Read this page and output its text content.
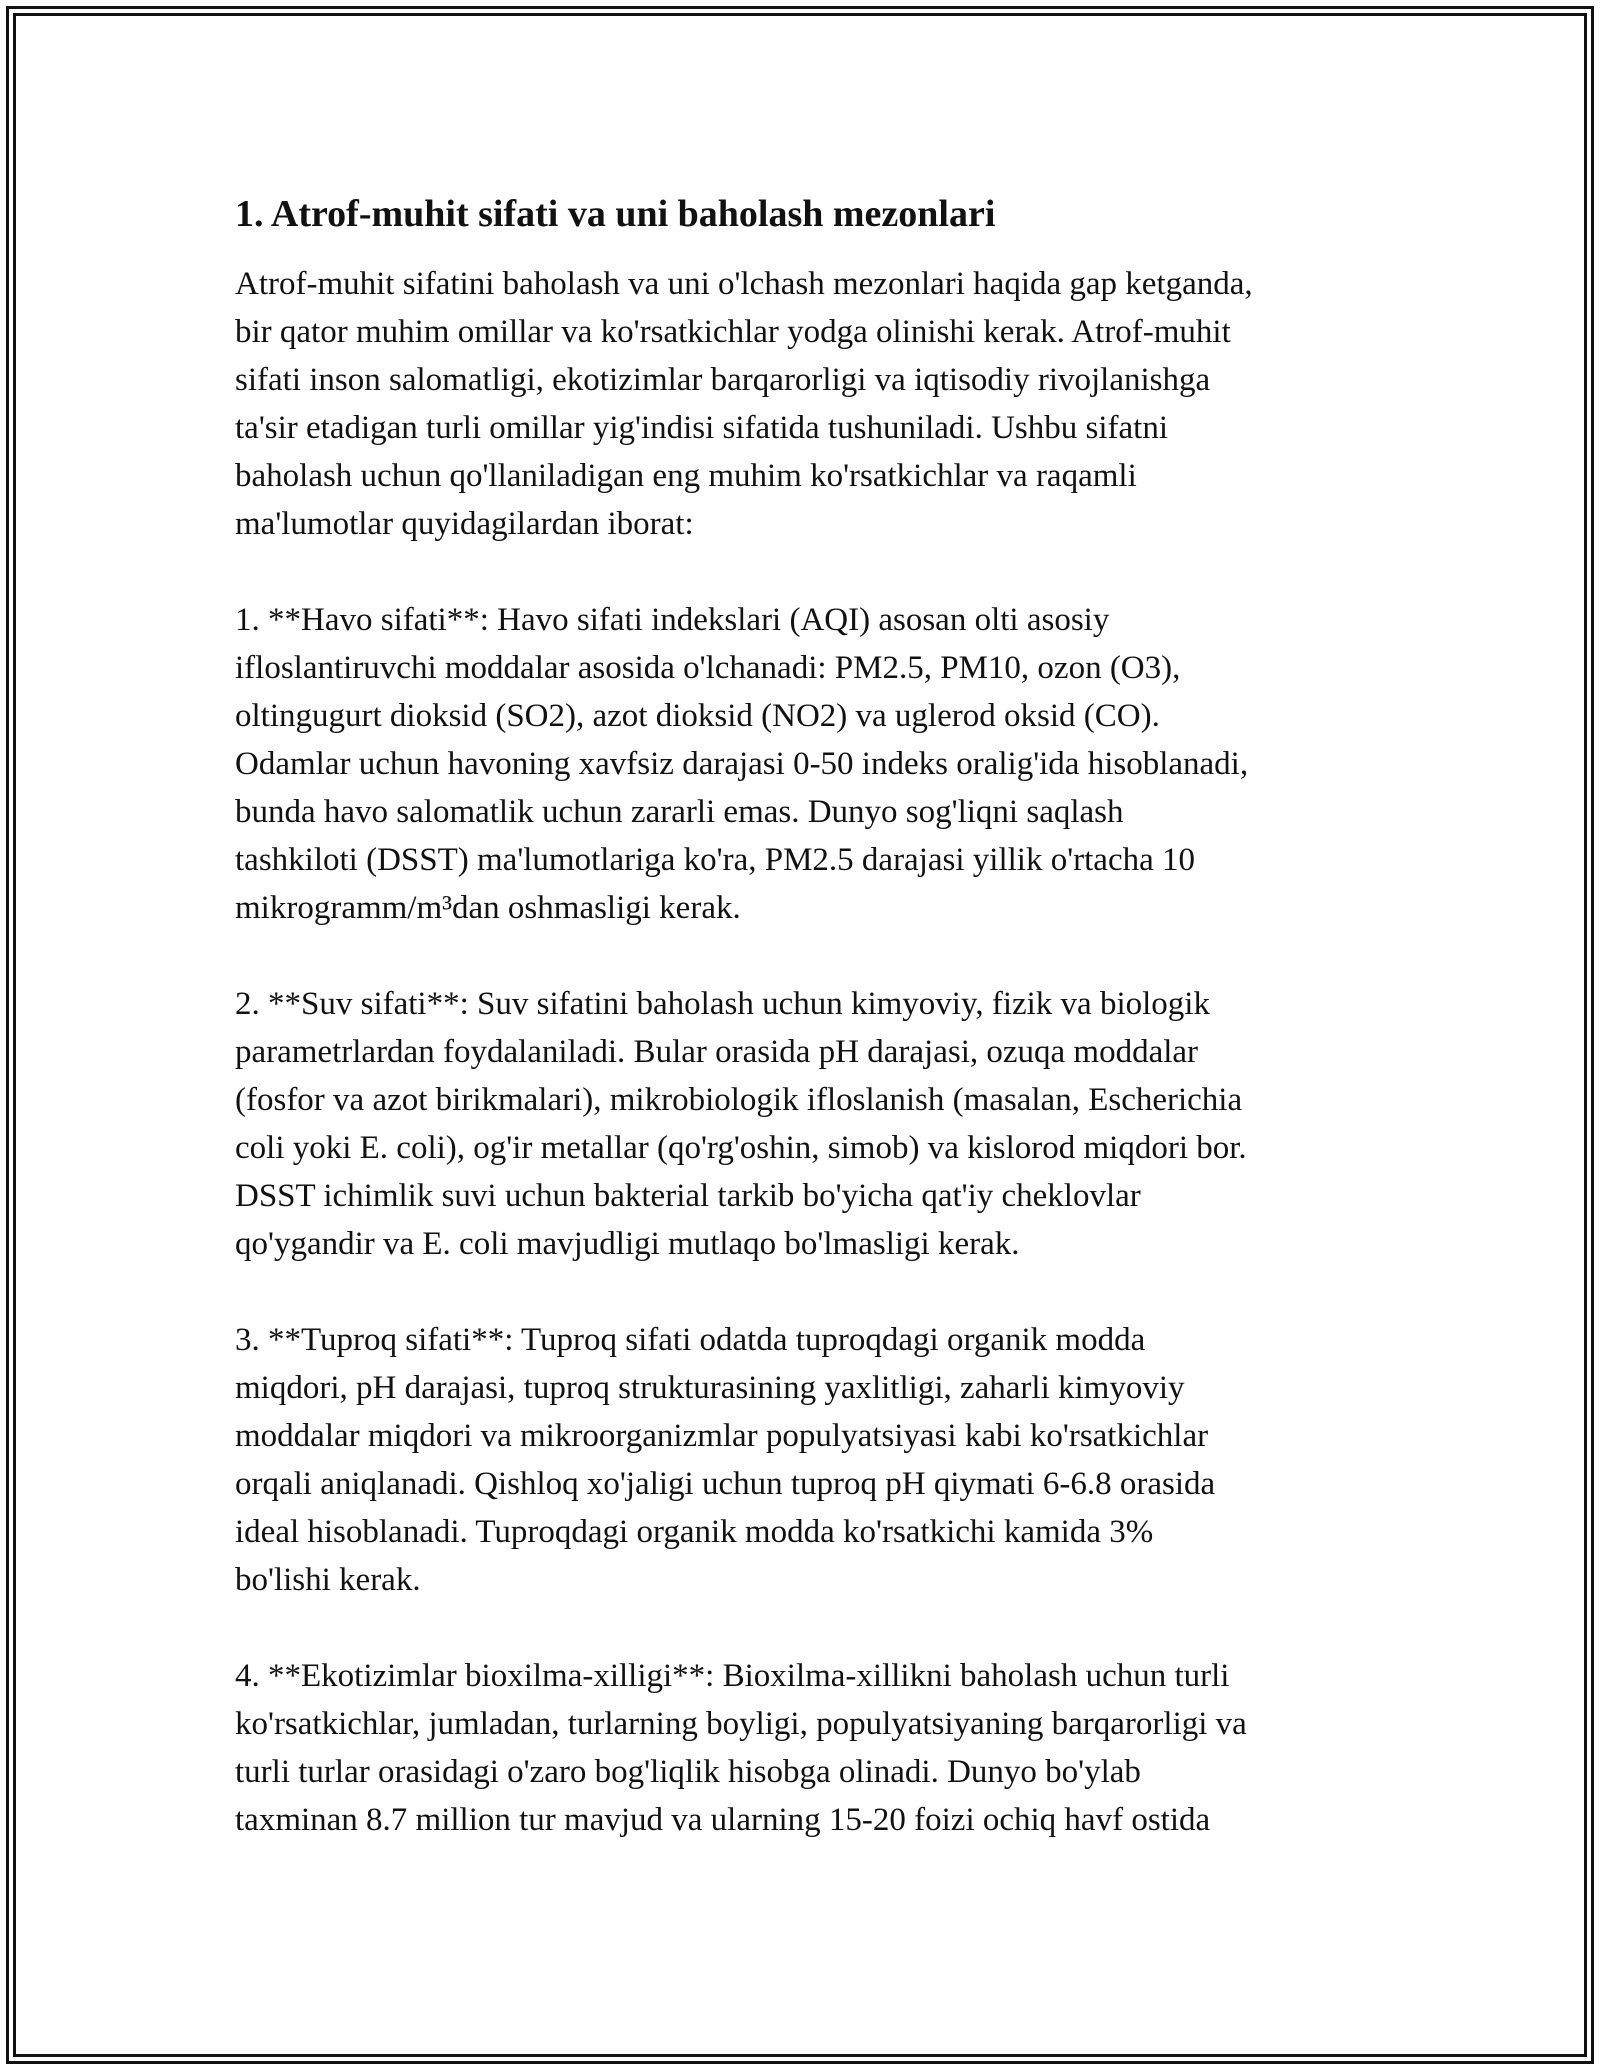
1. Atrof-muhit sifati va uni baholash mezonlari

Atrof-muhit sifatini baholash va uni o'lchash mezonlari haqida gap ketganda,
bir qator muhim omillar va ko'rsatkichlar yodga olinishi kerak. Atrof-muhit
sifati inson salomatligi, ekotizimlar barqarorligi va iqtisodiy rivojlanishga
ta'sir etadigan turli omillar yig'indisi sifatida tushuniladi. Ushbu sifatni
baholash uchun qo'llaniladigan eng muhim ko'rsatkichlar va raqamli
ma'lumotlar quyidagilardan iborat:

1. **Havo sifati**: Havo sifati indekslari (AQI) asosan olti asosiy
ifloslantiruvchi moddalar asosida o'lchanadi: PM2.5, PM10, ozon (O3),
oltingugurt dioksid (SO2), azot dioksid (NO2) va uglerod oksid (CO).
Odamlar uchun havoning xavfsiz darajasi 0-50 indeks oralig'ida hisoblanadi,
bunda havo salomatlik uchun zararli emas. Dunyo sog'liqni saqlash
tashkiloti (DSST) ma'lumotlariga ko'ra, PM2.5 darajasi yillik o'rtacha 10
mikrogramm/m³dan oshmasligi kerak.

2. **Suv sifati**: Suv sifatini baholash uchun kimyoviy, fizik va biologik
parametrlardan foydalaniladi. Bular orasida pH darajasi, ozuqa moddalar
(fosfor va azot birikmalari), mikrobiologik ifloslanish (masalan, Escherichia
coli yoki E. coli), og'ir metallar (qo'rg'oshin, simob) va kislorod miqdori bor.
DSST ichimlik suvi uchun bakterial tarkib bo'yicha qat'iy cheklovlar
qo'ygandir va E. coli mavjudligi mutlaqo bo'lmasligi kerak.

3. **Tuproq sifati**: Tuproq sifati odatda tuproqdagi organik modda
miqdori, pH darajasi, tuproq strukturasining yaxlitligi, zaharli kimyoviy
moddalar miqdori va mikroorganizmlar populyatsiyasi kabi ko'rsatkichlar
orqali aniqlanadi. Qishloq xo'jaligi uchun tuproq pH qiymati 6-6.8 orasida
ideal hisoblanadi. Tuproqdagi organik modda ko'rsatkichi kamida 3%
bo'lishi kerak.

4. **Ekotizimlar bioxilma-xilligi**: Bioxilma-xillikni baholash uchun turli
ko'rsatkichlar, jumladan, turlarning boyligi, populyatsiyaning barqarorligi va
turli turlar orasidagi o'zaro bog'liqlik hisobga olinadi. Dunyo bo'ylab
taxminan 8.7 million tur mavjud va ularning 15-20 foizi ochiq havf ostida
